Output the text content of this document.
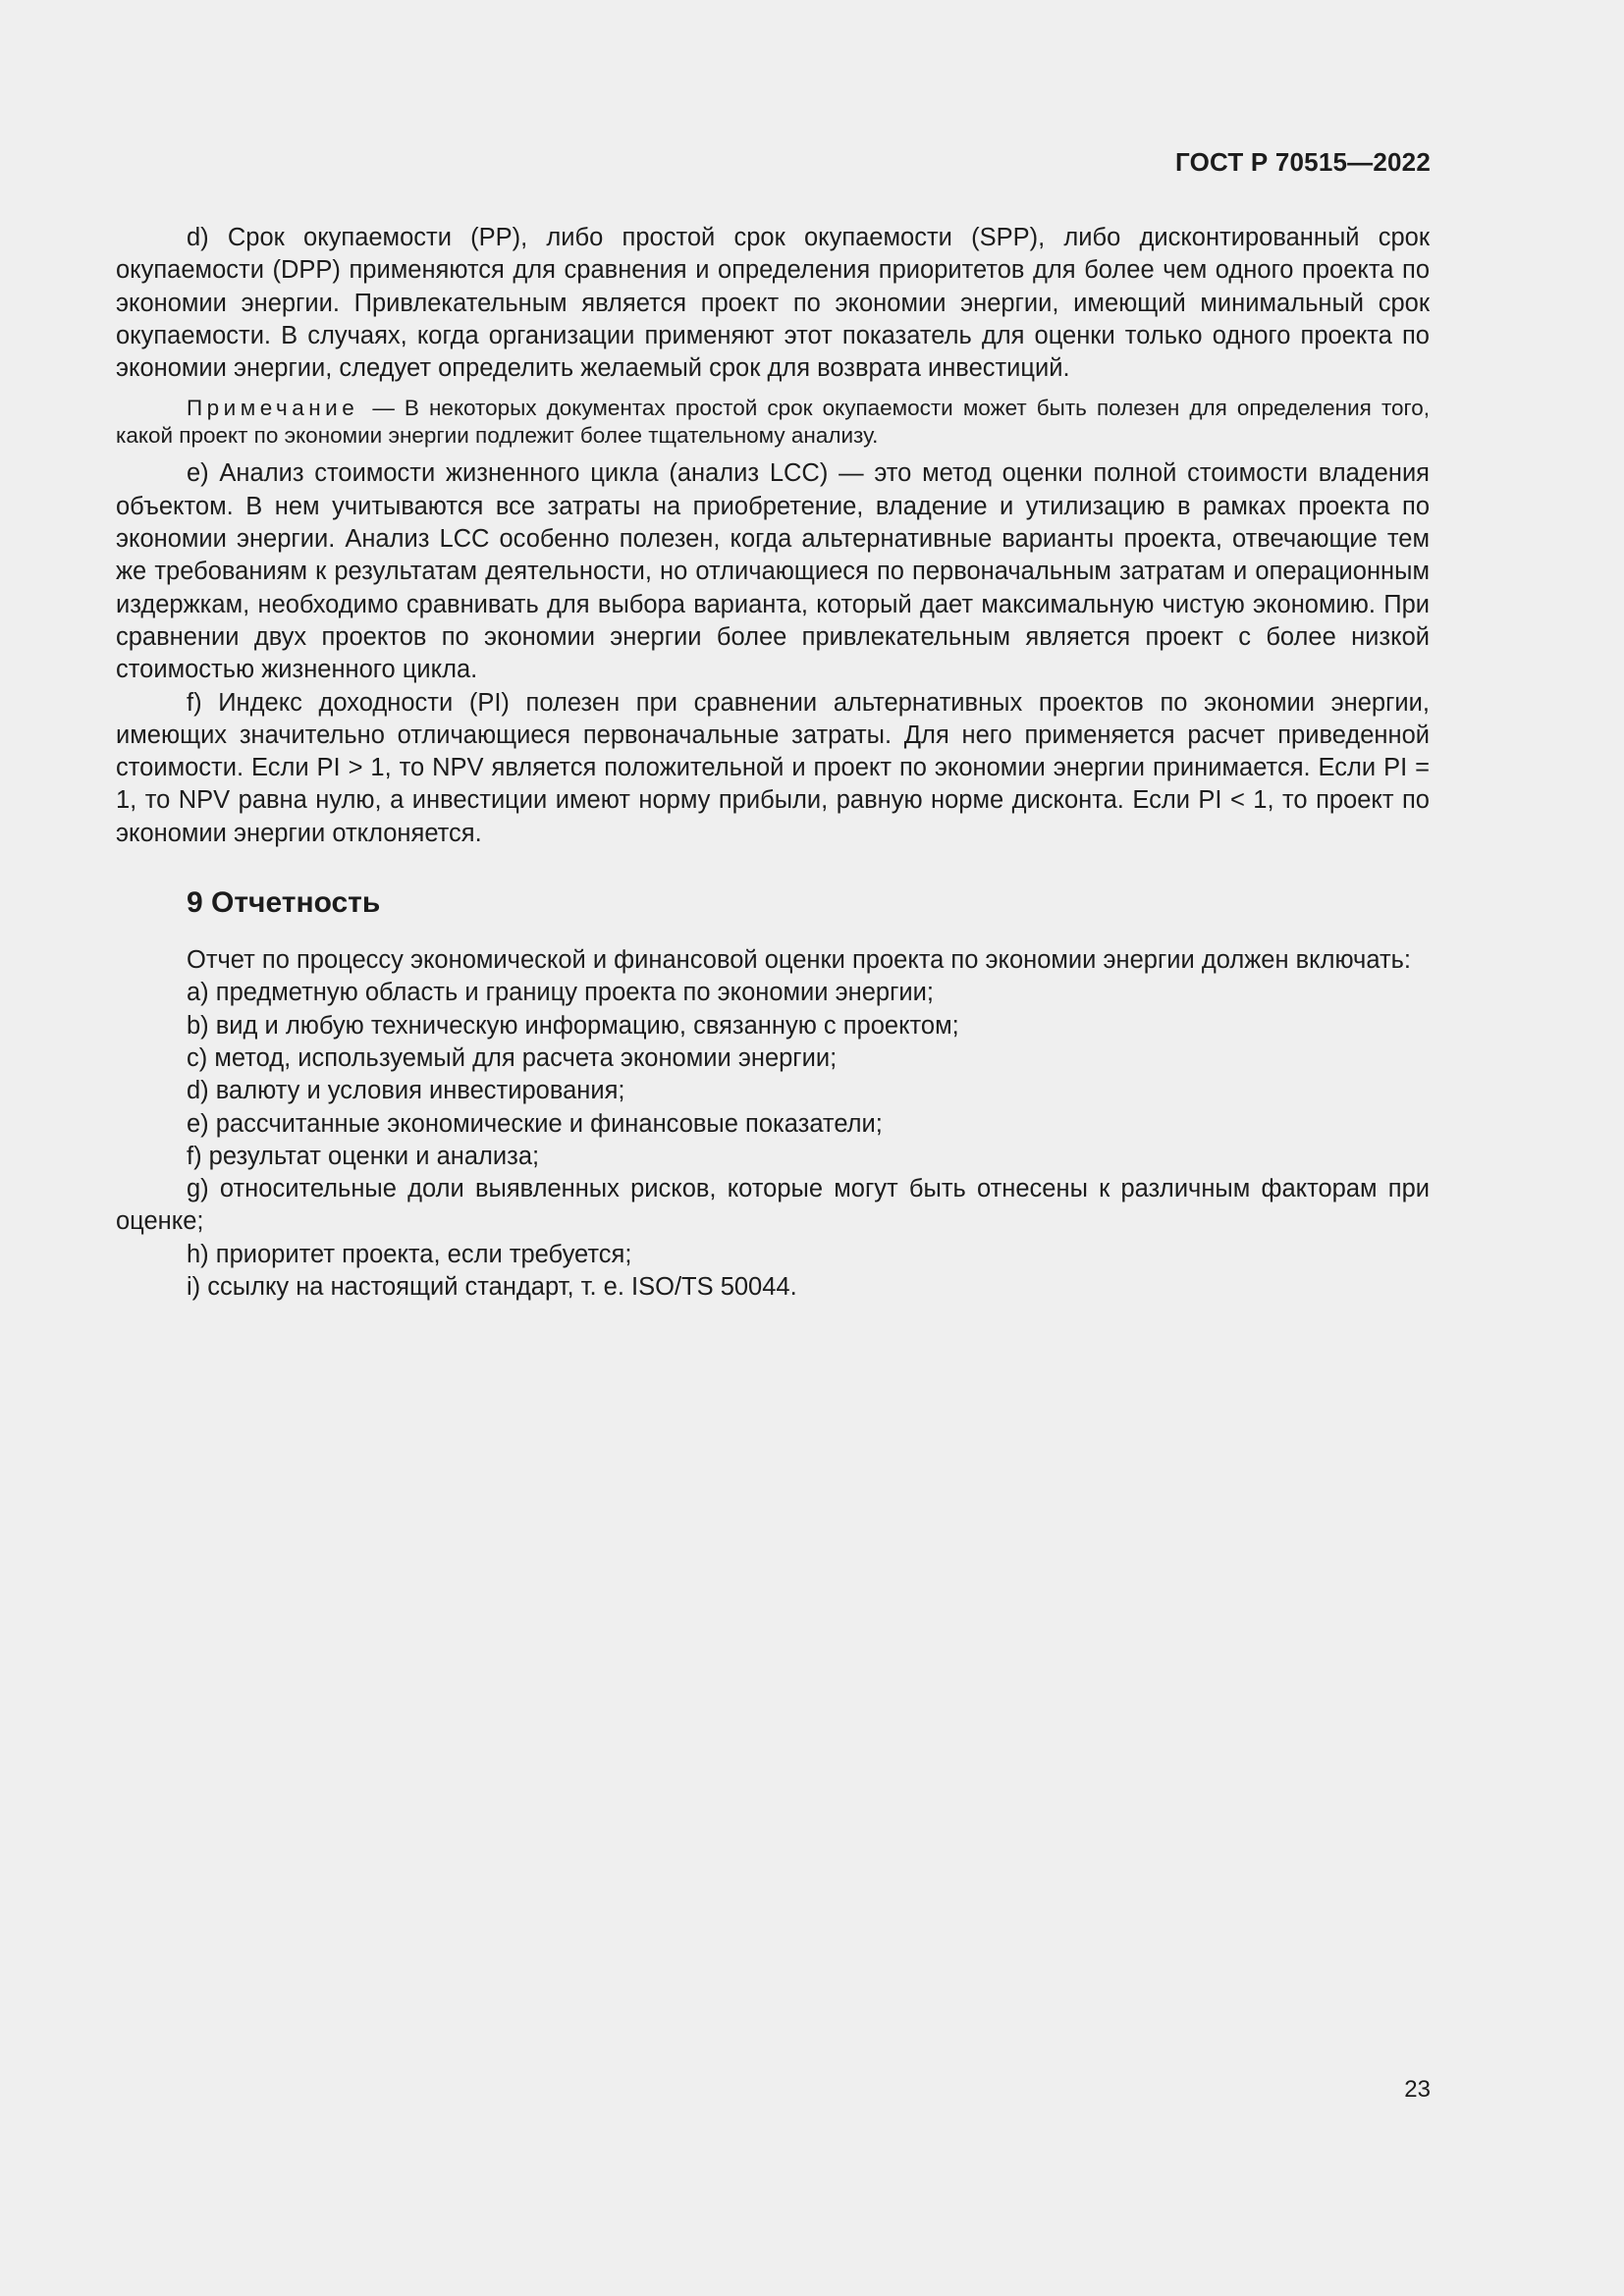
ГОСТ Р 70515—2022

d) Срок окупаемости (PP), либо простой срок окупаемости (SPP), либо дисконтированный срок окупаемости (DPP) применяются для сравнения и определения приоритетов для более чем одного проекта по экономии энергии. Привлекательным является проект по экономии энергии, имеющий минимальный срок окупаемости. В случаях, когда организации применяют этот показатель для оценки только одного проекта по экономии энергии, следует определить желаемый срок для возврата инвестиций.

Примечание — В некоторых документах простой срок окупаемости может быть полезен для определения того, какой проект по экономии энергии подлежит более тщательному анализу.

e) Анализ стоимости жизненного цикла (анализ LCC) — это метод оценки полной стоимости владения объектом. В нем учитываются все затраты на приобретение, владение и утилизацию в рамках проекта по экономии энергии. Анализ LCC особенно полезен, когда альтернативные варианты проекта, отвечающие тем же требованиям к результатам деятельности, но отличающиеся по первоначальным затратам и операционным издержкам, необходимо сравнивать для выбора варианта, который дает максимальную чистую экономию. При сравнении двух проектов по экономии энергии более привлекательным является проект с более низкой стоимостью жизненного цикла.

f) Индекс доходности (PI) полезен при сравнении альтернативных проектов по экономии энергии, имеющих значительно отличающиеся первоначальные затраты. Для него применяется расчет приведенной стоимости. Если PI > 1, то NPV является положительной и проект по экономии энергии принимается. Если PI = 1, то NPV равна нулю, а инвестиции имеют норму прибыли, равную норме дисконта. Если PI < 1, то проект по экономии энергии отклоняется.

9 Отчетность

Отчет по процессу экономической и финансовой оценки проекта по экономии энергии должен включать:

a) предметную область и границу проекта по экономии энергии;
b) вид и любую техническую информацию, связанную с проектом;
c) метод, используемый для расчета экономии энергии;
d) валюту и условия инвестирования;
e) рассчитанные экономические и финансовые показатели;
f) результат оценки и анализа;
g) относительные доли выявленных рисков, которые могут быть отнесены к различным факторам при оценке;
h) приоритет проекта, если требуется;
i) ссылку на настоящий стандарт, т. е. ISO/TS 50044.
23
